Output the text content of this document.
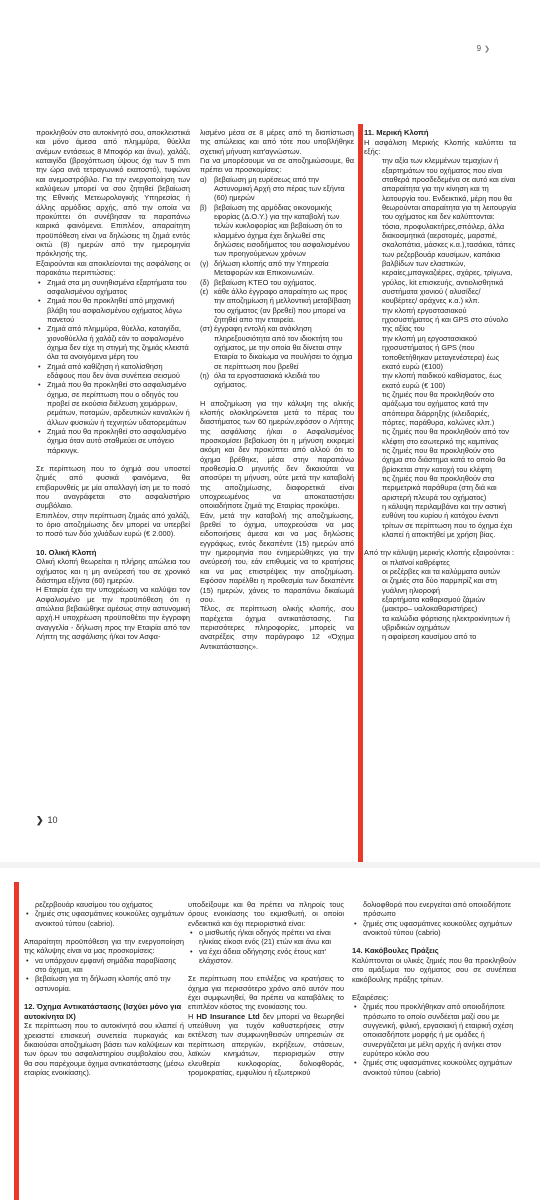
9 ❯

προκληθούν στο αυτοκίνητό σου, αποκλειστικά και μόνο άμεσα από πλημμύρα, θύελλα ανέμων εντάσεως 8 Μποφόρ και άνω), χαλάζι, καταιγίδα (βροχόπτωση ύψους όχι των 5 mm την ώρα ανά τετραγωνικό εκατοστό), τυφώνα και ανεμοστρόβιλο. Για την ενεργοποίηση των καλύψεων μπορεί να σου ζητηθεί βεβαίωση της Εθνικής Μετεωρολογικής Υπηρεσίας ή άλλης αρμόδιας αρχής, από την οποία να προκύπτει ότι συνέβησαν τα παραπάνω καιρικά φαινόμενα. Επιπλέον, απαραίτητη προϋπόθεση είναι να δηλώσεις τη ζημιά εντός οκτώ (8) ημερών από την ημερομηνία πρόκλησής της.

Εξαιρούνται και αποκλείονται της ασφάλισης οι παρακάτω περιπτώσεις:

• Ζημιά στα μη συνηθισμένα εξαρτήματα του ασφαλισμένου οχήματος
• Ζημιά που θα προκληθεί από μηχανική βλάβη του ασφαλισμένου οχήματος λόγω πανετού
• Ζημιά από πλημμύρα, θύελλα, καταιγίδα, χιονοθύελλα ή χαλάζι εάν το ασφαλισμένο όχημα δεν είχε τη στιγμή της ζημιάς κλειστά όλα τα ανοιγόμενα μέρη του
• Ζημιά από καθίζηση ή κατολίσθηση εδάφους που δεν άναι συνέπεια σεισμού
• Ζημιά που θα προκληθεί στο ασφαλισμένο όχημα, σε περίπτωση που ο οδηγός του προβεί σε εκούσια διέλευση χειμάρρων, ρεμάτων, ποταμών, αρδευτικών καναλιών ή άλλων φυσικών ή τεχνητών υδατορεμάτων
• Ζημιά που θα προκληθεί στο ασφαλισμένο όχημα όταν αυτό σταθμεύει σε υπόγειο πάρκινγκ.

Σε περίπτωση που το όχημά σου υποστεί ζημιές από φυσικά φαινόμενα, θα επιβαρυνθείς με μία απαλλαγή ίση με το ποσό που αναγράφεται στο ασφαλιστήριο συμβόλαιο.

Επιπλέον, στην περίπτωση ζημιάς από χαλάζι, το όριο αποζημίωσης δεν μπορεί να υπερβεί το ποσό των δύο χιλιάδων ευρώ (€ 2.000).

10. Ολική Κλοπή

Ολική κλοπή θεωρείται η πλήρης απώλεια του οχήματος και η μη ανεύρεσή του σε χρονικό διάστημα εξήντα (60) ημερών.

Η Εταιρία έχει την υποχρέωση να καλύψει τον Ασφαλισμένο με την προϋπόθεση ότι η απώλεια βεβαιώθηκε αμέσως στην αστυνομική αρχή.Η υποχρέωση προϋποθέτει την έγγραφη αναγγελία - δήλωση προς την Εταιρία από τον Λήπτη της ασφάλισης ή/και τον Ασφα-

λισμένο μέσα σε 8 μέρες από τη διαπίστωση της απώλειας και από τότε που υποβλήθηκε σχετική μήνυση κατ'αγνώστων.

Για να μπορέσουμε να σε αποζημιώσουμε, θα πρέπει να προσκομίσεις:

α) βεβαίωση μη ευρέσεως από την Αστυνομική Αρχή στο πέρας των εξήντα (60) ημερών
β) βεβαίωση της αρμόδιας οικονομικής εφορίας (Δ.Ο.Υ.) για την καταβολή των τελών κυκλοφορίας και βεβαίωση ότι το κλαμμένο όχημα έχει δηλωθεί στις δηλώσεις εισοδήματος του ασφαλισμένου των προηγούμενων χρόνων
(γ) δήλωση κλοπής από την Υπηρεσία Μεταφορών και Επικοινωνιών.
(δ) βεβαίωση ΚΤΕΟ του οχήματος.
(ε) κάθε άλλο έγγραφο απαραίτητο ως προς την αποζημίωση ή μελλοντική μεταβίβαση του οχήματος (αν βρεθεί) που μπορεί να ζητηθεί απο την εταιρεία.
(στ) έγγραφη εντολή και ανάκληση πληρεξουσιότητα από τον ιδιοκτήτη του οχήματος, με την οποία θα δίνεται στην Εταιρία το δικαίωμα να πουλήσει το όχημα σε περίπτωση που βρεθεί
(η) όλα τα εργοστασιακά κλειδιά του οχήματος.

Η αποζημίωση για την κάλυψη της ολικής κλοπής ολοκληρώνεται μετά το πέρας του διαστήματος των 60 ημερών,εφόσον ο Λήπτης της ασφάλισης ή/και ο Ασφαλισμένος προσκομίσει βεβαίωση ότι η μήνυση εκκρεμεί ακόμη και δεν προκύπτει από αλλού ότι το όχημα βρέθηκε, μέσα στην παραπάνω προθεσμία.Ο μηνυτής δεν δικαιούται να αποσύρει τη μήνυση, ούτε μετά την καταβολή της αποζημίωσης, διαφορετικά είναι υποχρεωμένος να αποκαταστήσει οποιαδήποτε ζημιά της Εταιρίας προκύψει.

Εάν, μετά την καταβολή της αποζημίωσης, βρεθεί το όχημα, υποχρεούσαι να μας ειδοποιήσεις άμεσα και να μας δηλώσεις εγγράφως, εντός δεκαπέντε (15) ημερών από την ημερομηνία που ενημερώθηκες για την ανεύρεσή του, εάν επιθυμείς να το κρατήσεις και να μας επιστρέψεις την αποζημίωση. Εφόσον παρέλθει η προθεσμία των δεκαπέντε (15) ημερών, χάνεις το παραπάνω δικαίωμά σου.

Τέλος, σε περίπτωση ολικής κλοπής, σου παρέχεται όχημα αντικατάστασης. Για περισσότερες πληροφορίες, μπορείς να ανατρέξεις στην παράγραφο 12 «Όχημα Αντικατάστασης».

11. Μερική Κλοπή

Η ασφάλιση Μερικής Κλοπής καλύπτει τα εξής:

την αξία των κλεμμένων τεμαχίων ή εξαρτημάτων του οχήματος που είναι σταθερά προσδεδεμένα σε αυτό και είναι απαραίτητα για την κίνηση και τη λειτουργία του. Ενδεικτικά, μέρη που θα θεωρούνται απαραίτητα για τη λειτουργία του οχήματος και δεν καλύπτονται: τόσια, προφυλακτήρες,σπόιλερ, άλλα διακοσμητικά (αεροτομές, μαρσπιέ, σκαλοπάτια, μάσκες κ.α.),τασάκια, τάπες των ρεζερβουάρ καυσίμων, καπάκια βαλβίδων των ελαστικών, κεραίες,μπαγκαζιέρες, σχάρες, τρίγωνα, γρύλος, kit επισκευής, αντιολισθητικά συστήματα χιονιού ( αλυσίδες/ κουβέρτες/ αράχνες κ.α.) κλπ.
την κλοπή εργοστασιακού ηχοσυστήματος ή και GPS στο σύνολο της αξίας του
την κλοπή μη εργοστασιακού ηχοσυστήματος ή GPS (που τοποθετήθηκαν μεταγενέστερα) έως εκατό ευρώ (€100)
την κλοπή παιδικού καθίσματος, έως εκατό ευρώ (€ 100)
τις ζημιές που θα προκληθούν στο αμάξωμα του οχήματος κατά την απόπειρα διάρρηξης (κλειδαριές, πόρτες, παράθυρα, κολώνες κλπ.)
τις ζημιές που θα προκληθούν από τον κλέφτη στο εσωτερικό της καμπίνας
τις ζημιές που θα προκληθούν στο όχημα στο διάστημα κατά το οποίο θα βρίσκεται στην κατοχή του κλέφτη
τις ζημιές που θα προκληθούν στα περιμετρικά παράθυρα (στη διά και αριστερή πλευρά του οχήματος)
η κάλυψη περιλαμβάνει και την αστική ευθύνη του κυρίου ή κατόχου έναντι τρίτων σε περίπτωση που το όχημα έχει κλαπεί ή αποκτήθεί με χρήση βίας.

Από την κάλυψη μερικής κλοπής εξαιρούνται :

οι πλαϊνοί καθρέφτες
οι ρεζέρβες και τα καλύμματα αυτών
οι ζημιές στα δύο παρμπρίζ και στη γυάλινη ηλιοροφή
εξαρτήματα καθαρισμού ζάμιών (μακτρο– υαλοκαθαριστήρες)
τα καλώδια φόρτισης ηλεκτροκίνητων ή υβριδικών οχημάτων
η αφαίρεση καυσίμου από το
❯ 10
ρεζερβουάρ καυσίμου του οχήματος
• ζημιές στις υφασμάτινες κουκούλες οχημάτων ανοικτού τύπου (cabrio).

Απαραίτητη προϋπόθεση για την ενεργοποίηση της κάλυψης είναι να μας προσκομίσεις:

• να υπάρχουν εμφανή σημάδια παραβίασης στο όχημα, και
• βεβαίωση για τη δήλωση κλοπής από την αστυνομία.
12. Όχημα Αντικατάστασης (Ισχύει μόνο για αυτοκίνητα ΙΧ)

Σε περίπτωση που το αυτοκίνητό σου κλαπεί ή χρειαστεί επισκευή συνεπεία πυρκαγιάς και δικαιούσαι αποζημίωση βάσει των καλύψεων και των όρων του ασφαλιστηρίου συμβολαίου σου, θα σου παρέχουμε όχημα αντικατάστασης (μέσω εταιρίας ενοικίασης).

υποδείξουμε και θα πρέπει να πληροίς τους όρους ενοικίασης του εκμισθωτή, οι οποίοι ενδεικτικά και όχι περιοριστικά είναι:

• ο μισθωτής ή/και οδηγός πρέπει να είναι ηλικίας είκοσι ενός (21) ετών και άνω και
• να έχει άδεια οδήγησης ενός έτους κατ' ελάχιστον.

Σε περίπτωση που επιλέξεις να κρατήσεις το όχημα για περισσότερο χρόνο από αυτόν που έχει συμφωνηθεί, θα πρέπει να καταβάλεις το επιπλέον κόστος της ενοικίασης του.

Η HD Insurance Ltd δεν μπορεί να θεωρηθεί υπεύθυνη για τυχόν καθυστερήσεις στην εκτέλεση των συμφωνηθεισών υπηρεσιών σε περίπτωση απεργιών, εκρήξεων, στάσεων, λαϊκών κινημάτων, περιορισμών στην ελευθερία κυκλοφορίας, δολιοφθοράς, τρομοκρατίας, εμφυλίου ή εξωτερικού

δολιοφθορά που ενεργείται από οποιοδήποτε πρόσωπο
• ζημιές στις υφασμάτινες κουκούλες οχημάτων ανοικτού τύπου (cabrio)
14. Κακόβουλες Πράξεις

Καλύπτονται οι υλικές ζημιές που θα προκληθούν στο αμάξωμα του οχήματος σου σε συνέπεια κακόβουλης πράξης τρίτων.

Εξαιρέσεις:

• ζημιές που προκλήθηκαν από οποιοδήποτε πρόσωπο το οποίο συνδέεται μαζί σου με συγγενική, φιλική, εργασιακή ή εταιρική σχέση οποιασδήποτε μορφής ή με ομάδες ή συνεργάζεται με μέλη αρχής ή ανήκει στον ευρύτερο κύκλο σου
• ζημιές στις υφασμάτινες κουκούλες οχημάτων ανοικτού τύπου (cabrio)
